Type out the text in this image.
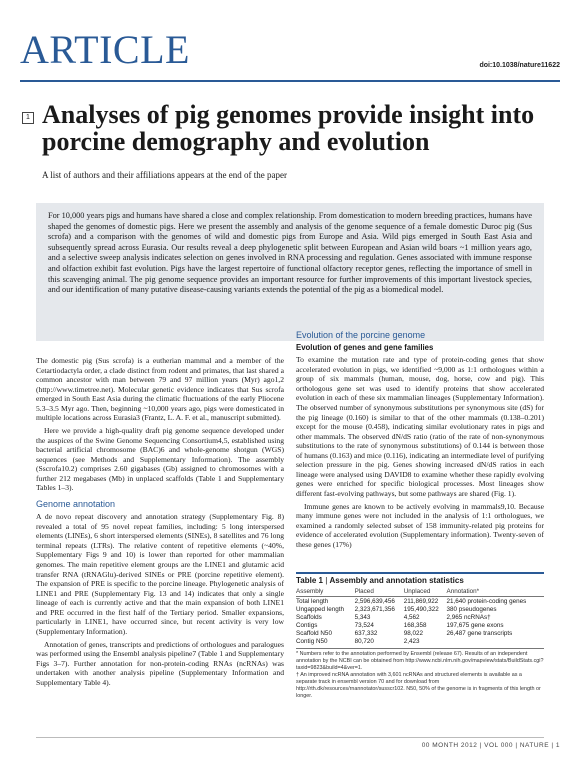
ARTICLE	doi:10.1038/nature11622
1 Analyses of pig genomes provide insight into porcine demography and evolution
A list of authors and their affiliations appears at the end of the paper

For 10,000 years pigs and humans have shared a close and complex relationship. From domestication to modern breeding practices, humans have shaped the genomes of domestic pigs. Here we present the assembly and analysis of the genome sequence of a female domestic Duroc pig (Sus scrofa) and a comparison with the genomes of wild and domestic pigs from Europe and Asia. Wild pigs emerged in South East Asia and subsequently spread across Eurasia. Our results reveal a deep phylogenetic split between European and Asian wild boars ~1 million years ago, and a selective sweep analysis indicates selection on genes involved in RNA processing and regulation. Genes associated with immune response and olfaction exhibit fast evolution. Pigs have the largest repertoire of functional olfactory receptor genes, reflecting the importance of smell in this scavenging animal. The pig genome sequence provides an important resource for further improvements of this important livestock species, and our identification of many putative disease-causing variants extends the potential of the pig as a biomedical model.

The domestic pig (Sus scrofa) is a eutherian mammal and a member of the Cetartiodactyla order, a clade distinct from rodent and primates, that last shared a common ancestor with man between 79 and 97 million years (Myr) ago1,2 (http://www.timetree.net). Molecular genetic evidence indicates that Sus scrofa emerged in South East Asia during the climatic fluctuations of the early Pliocene 5.3–3.5 Myr ago. Then, beginning ~10,000 years ago, pigs were domesticated in multiple locations across Eurasia3 (Frantz, L. A. F. et al., manuscript submitted).

Here we provide a high-quality draft pig genome sequence developed under the auspices of the Swine Genome Sequencing Consortium4,5, established using bacterial artificial chromosome (BAC)6 and whole-genome shotgun (WGS) sequences (see Methods and Supplementary Information). The assembly (Sscrofa10.2) comprises 2.60 gigabases (Gb) assigned to chromosomes with a further 212 megabases (Mb) in unplaced scaffolds (Table 1 and Supplementary Tables 1–3).

Genome annotation

A de novo repeat discovery and annotation strategy (Supplementary Fig. 8) revealed a total of 95 novel repeat families, including: 5 long interspersed elements (LINEs), 6 short interspersed elements (SINEs), 8 satellites and 76 long terminal repeats (LTRs). The relative content of repetitive elements (~40%, Supplementary Figs 9 and 10) is lower than reported for other mammalian genomes. The main repetitive element groups are the LINE1 and glutamic acid transfer RNA (tRNAGlu)-derived SINEs or PRE (porcine repetitive element). The expansion of PRE is specific to the porcine lineage. Phylogenetic analysis of LINE1 and PRE (Supplementary Fig. 13 and 14) indicates that only a single lineage of each is currently active and that the main expansion of both LINE1 and PRE occurred in the first half of the Tertiary period. Smaller expansions, particularly in LINE1, have occurred since, but recent activity is very low (Supplementary Information).

Annotation of genes, transcripts and predictions of orthologues and paralogues was performed using the Ensembl analysis pipeline7 (Table 1 and Supplementary Figs 3–7). Further annotation for non-protein-coding RNAs (ncRNAs) was undertaken with another analysis pipeline (Supplementary Information and Supplementary Table 4).

Evolution of the porcine genome
Evolution of genes and gene families

To examine the mutation rate and type of protein-coding genes that show accelerated evolution in pigs, we identified ~9,000 as 1:1 orthologues within a group of six mammals (human, mouse, dog, horse, cow and pig). This orthologous gene set was used to identify proteins that show accelerated evolution in each of these six mammalian lineages (Supplementary Information). The observed number of synonymous substitutions per synonymous site (dS) for the pig lineage (0.160) is similar to that of the other mammals (0.138–0.201) except for the mouse (0.458), indicating similar evolutionary rates in pigs and other mammals. The observed dN/dS ratio (ratio of the rate of non-synonymous substitutions to the rate of synonymous substitutions) of 0.144 is between those of humans (0.163) and mice (0.116), indicating an intermediate level of purifying selection pressure in the pig. Genes showing increased dN/dS ratios in each lineage were analysed using DAVID8 to examine whether these rapidly evolving genes were enriched for specific biological processes. Most lineages show different fast-evolving pathways, but some pathways are shared (Fig. 1).

Immune genes are known to be actively evolving in mammals9,10. Because many immune genes were not included in the analysis of 1:1 orthologues, we examined a randomly selected subset of 158 immunity-related pig proteins for evidence of accelerated evolution (Supplementary information). Twenty-seven of these genes (17%)

Table 1 | Assembly and annotation statistics
Assembly	Placed	Unplaced	Annotation*
Total length	2,596,639,456	211,869,922	21,640 protein-coding genes
Ungapped length	2,323,671,356	195,490,322	380 pseudogenes
Scaffolds	5,343	4,562	2,965 ncRNAs†
Contigs	73,524	168,358	197,675 gene exons
Scaffold N50	637,332	98,022	26,487 gene transcripts
Contig N50	80,720	2,423	

* Numbers refer to the annotation performed by Ensembl (release 67). Results of an independent annotation by the NCBI can be obtained from http://www.ncbi.nlm.nih.gov/mapview/stats/BuildStats.cgi?taxid=9823&build=4&ver=1.

† An improved ncRNA annotation with 3,601 ncRNAs and structured elements is available as a separate track in ensembl version 70 and for download from http://rth.dk/resources/rnannotator/susscr102. N50, 50% of the genome is in fragments of this length or longer.

00 MONTH 2012 | VOL 000 | NATURE | 1
